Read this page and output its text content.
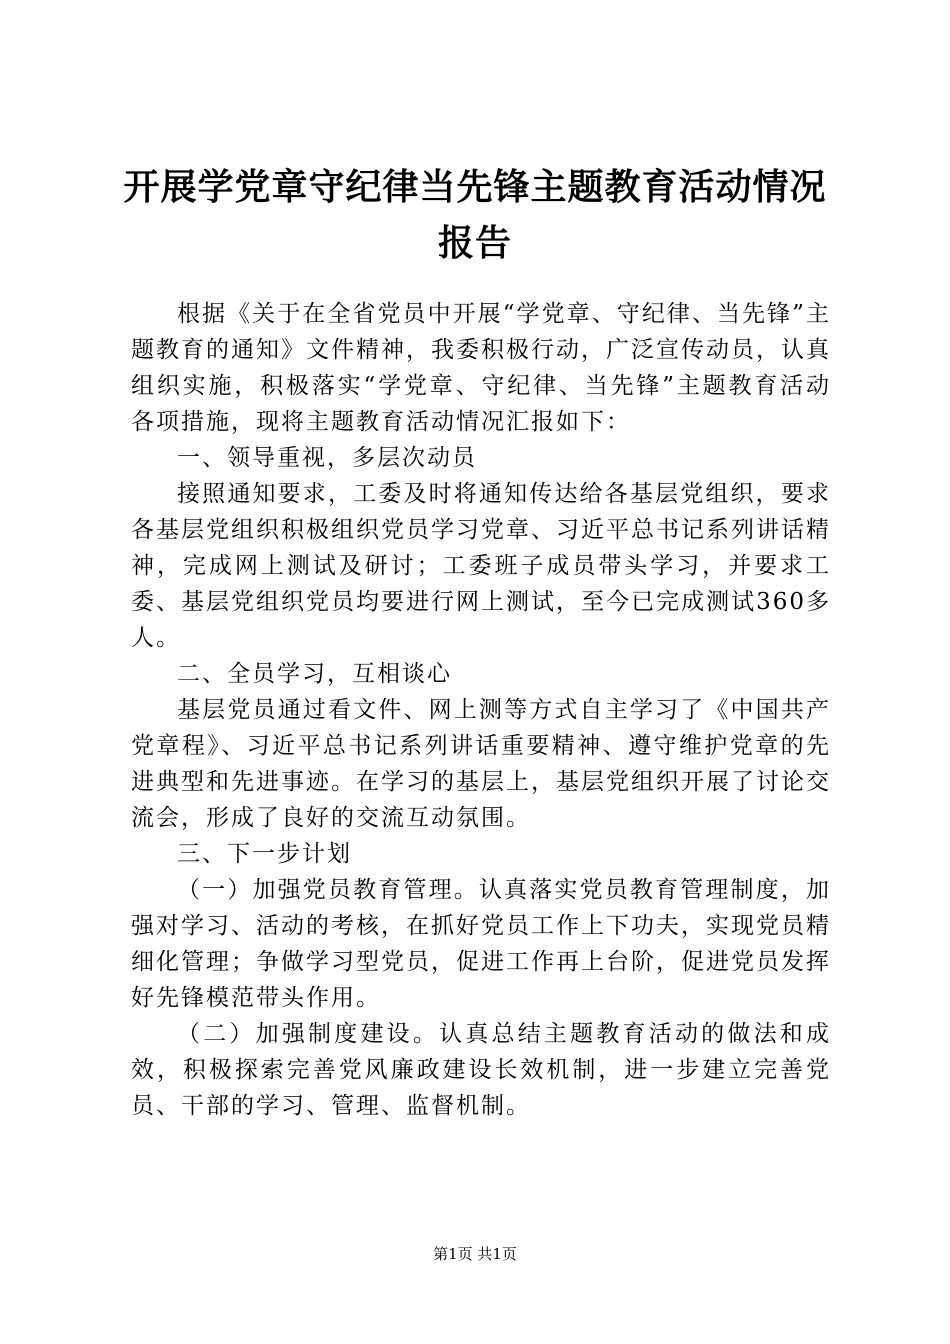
开展学党章守纪律当先锋主题教育活动情况报告

根据《关于在全省党员中开展“学党章、守纪律、当先锋”主题教育的通知》文件精神，我委积极行动，广泛宣传动员，认真组织实施，积极落实“学党章、守纪律、当先锋”主题教育活动各项措施，现将主题教育活动情况汇报如下：

一、领导重视，多层次动员

接照通知要求，工委及时将通知传达给各基层党组织，要求各基层党组织积极组织党员学习党章、习近平总书记系列讲话精神，完成网上测试及研讨；工委班子成员带头学习，并要求工委、基层党组织党员均要进行网上测试，至今已完成测试360多人。

二、全员学习，互相谈心

基层党员通过看文件、网上测等方式自主学习了《中国共产党章程》、习近平总书记系列讲话重要精神、遵守维护党章的先进典型和先进事迹。在学习的基层上，基层党组织开展了讨论交流会，形成了良好的交流互动氛围。

三、下一步计划

（一）加强党员教育管理。认真落实党员教育管理制度，加强对学习、活动的考核，在抓好党员工作上下功夫，实现党员精细化管理；争做学习型党员，促进工作再上台阶，促进党员发挥好先锋模范带头作用。

（二）加强制度建设。认真总结主题教育活动的做法和成效，积极探索完善党风廉政建设长效机制，进一步建立完善党员、干部的学习、管理、监督机制。

第1页 共1页
